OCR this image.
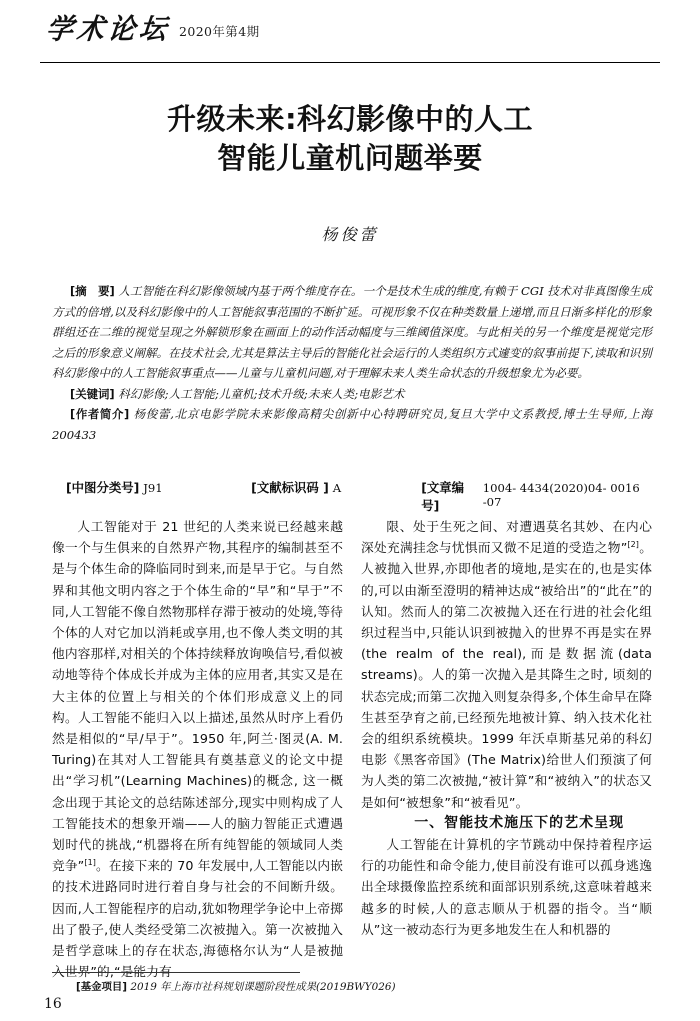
学术论坛 2020年第4期
升级未来:科幻影像中的人工
智能儿童机问题举要
杨俊蕾

[摘　要] 人工智能在科幻影像领域内基于两个维度存在。一个是技术生成的维度,有赖于 CGI 技术对非真图像生成方式的倍增,以及科幻影像中的人工智能叙事范围的不断扩延。可视形象不仅在种类数量上递增,而且日渐多样化的形象群组还在二维的视觉呈现之外解锁形象在画面上的动作活动幅度与三维阈值深度。与此相关的另一个维度是视觉完形之后的形象意义阐解。在技术社会,尤其是算法主导后的智能化社会运行的人类组织方式遽变的叙事前提下,读取和识别科幻影像中的人工智能叙事重点——儿童与儿童机问题,对于理解未来人类生命状态的升级想象尤为必要。

[关键词] 科幻影像;人工智能;儿童机;技术升级;未来人类;电影艺术

[作者简介] 杨俊蕾,北京电影学院未来影像高精尖创新中心特聘研究员,复旦大学中文系教授,博士生导师,上海　200433

[中图分类号] J91	[文献标识码 ] A	[文章编号]
1004- 4434(2020)04- 0016 -07

人工智能对于 21 世纪的人类来说已经越来越像一个与生俱来的自然界产物,其程序的编制甚至不是与个体生命的降临同时到来,而是早于它。与自然界和其他文明内容之于个体生命的“早”和“早于”不同,人工智能不像自然物那样存滞于被动的处境,等待个体的人对它加以消耗或享用,也不像人类文明的其他内容那样,对相关的个体持续释放询唤信号,看似被动地等待个体成长并成为主体的应用者,其实又是在大主体的位置上与相关的个体们形成意义上的同构。人工智能不能归入以上描述,虽然从时序上看仍然是相似的“早/早于”。1950 年,阿兰·图灵(A. M. Turing)在其对人工智能具有奠基意义的论文中提出“学习机”(Learning Machines)的概念, 这一概念出现于其论文的总结陈述部分,现实中则构成了人工智能技术的想象开端——人的脑力智能正式遭遇划时代的挑战,“机器将在所有纯智能的领域同人类竞争”[1]。在接下来的 70 年发展中,人工智能以内嵌的技术进路同时进行着自身与社会的不间断升级。因而,人工智能程序的启动,犹如物理学争论中上帝掷出了骰子,使人类经受第二次被抛入。第一次被抛入是哲学意味上的存在状态,海德格尔认为“人是被抛入世界”的,“是能力有

限、处于生死之间、对遭遇莫名其妙、在内心深处充满挂念与忧惧而又微不足道的受造之物”[2]。人被抛入世界,亦即他者的境地,是实在的,也是实体的,可以由渐至澄明的精神达成“被给出”的“此在”的认知。然而人的第二次被抛入还在行进的社会化组织过程当中,只能认识到被抛入的世界不再是实在界(the realm of the real),而是数据流(data streams)。人的第一次抛入是其降生之时, 顷刻的状态完成;而第二次抛入则复杂得多,个体生命早在降生甚至孕育之前,已经预先地被计算、纳入技术化社会的组织系统模块。1999 年沃卓斯基兄弟的科幻电影《黑客帝国》(The Matrix)给世人们预演了何为人类的第二次被抛,“被计算”和“被纳入”的状态又是如何“被想象”和“被看见”。

一、智能技术施压下的艺术呈现

人工智能在计算机的字节跳动中保持着程序运行的功能性和命令能力,使目前没有谁可以孤身逃逸出全球摄像监控系统和面部识别系统,这意味着越来越多的时候,人的意志顺从于机器的指令。当“顺从”这一被动态行为更多地发生在人和机器的

[基金项目] 2019 年上海市社科规划课题阶段性成果(2019BWY026)
16
